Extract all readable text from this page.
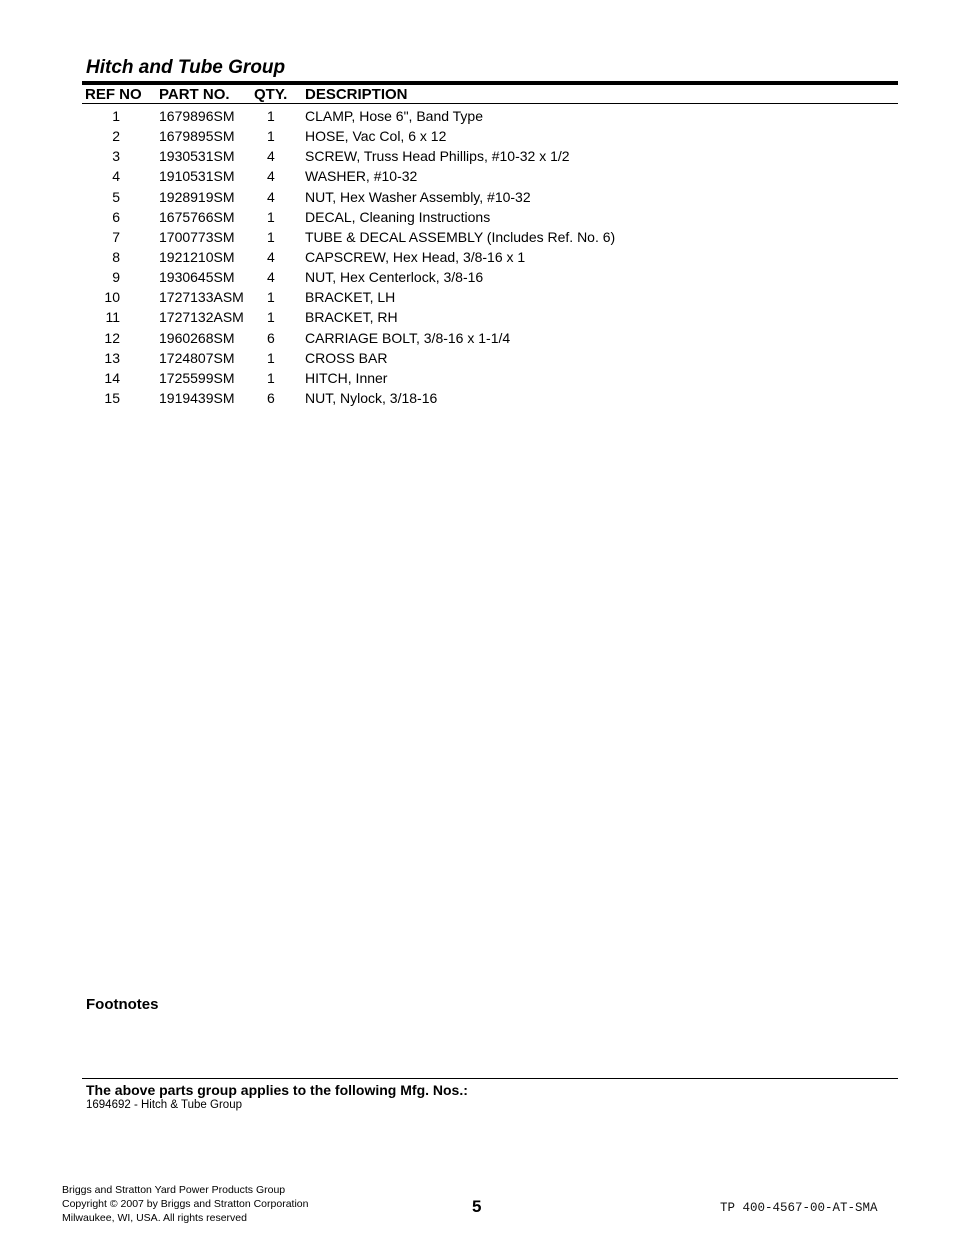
Hitch and Tube Group
REF NO PART NO. QTY. DESCRIPTION
1	1679896SM 1 CLAMP, Hose 6", Band Type
2	1679895SM 1 HOSE, Vac Col, 6 x 12
3	1930531SM 4 SCREW, Truss Head Phillips, #10-32 x 1/2
4	1910531SM 4 WASHER, #10-32
5	1928919SM 4 NUT, Hex Washer Assembly, #10-32
6	1675766SM 1 DECAL, Cleaning Instructions
7	1700773SM 1 TUBE & DECAL ASSEMBLY (Includes Ref. No. 6)
8	1921210SM 4 CAPSCREW, Hex Head, 3/8-16 x 1
9	1930645SM 4 NUT, Hex Centerlock, 3/8-16
10	1727133ASM 1 BRACKET, LH
11	1727132ASM 1 BRACKET, RH
12	1960268SM 6 CARRIAGE BOLT, 3/8-16 x 1-1/4
13	1724807SM 1 CROSS BAR
14	1725599SM 1 HITCH, Inner
15	1919439SM 6 NUT, Nylock, 3/18-16
Footnotes
The above parts group applies to the following Mfg. Nos.:
1694692 - Hitch & Tube Group
Briggs and Stratton Yard Power Products Group
Copyright © 2007 by Briggs and Stratton Corporation
Milwaukee, WI, USA. All rights reserved
5	TP 400-4567-00-AT-SMA
